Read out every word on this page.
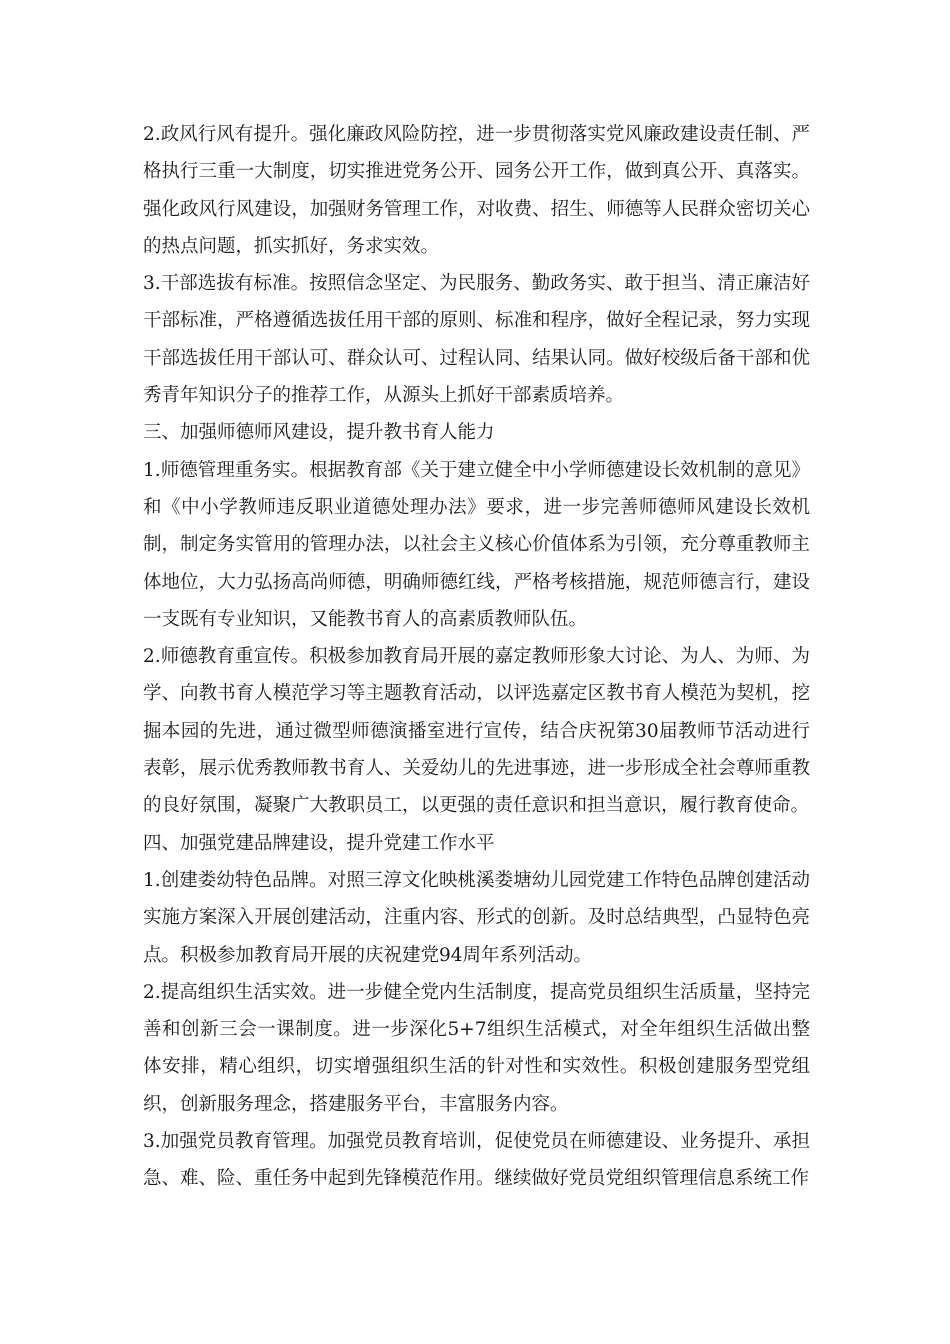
2.政风行风有提升。强化廉政风险防控，进一步贯彻落实党风廉政建设责任制、严格执行三重一大制度，切实推进党务公开、园务公开工作，做到真公开、真落实。强化政风行风建设，加强财务管理工作，对收费、招生、师德等人民群众密切关心的热点问题，抓实抓好，务求实效。

3.干部选拔有标准。按照信念坚定、为民服务、勤政务实、敢于担当、清正廉洁好干部标准，严格遵循选拔任用干部的原则、标准和程序，做好全程记录，努力实现干部选拔任用干部认可、群众认可、过程认同、结果认同。做好校级后备干部和优秀青年知识分子的推荐工作，从源头上抓好干部素质培养。

三、加强师德师风建设，提升教书育人能力

1.师德管理重务实。根据教育部《关于建立健全中小学师德建设长效机制的意见》和《中小学教师违反职业道德处理办法》要求，进一步完善师德师风建设长效机制，制定务实管用的管理办法，以社会主义核心价值体系为引领，充分尊重教师主体地位，大力弘扬高尚师德，明确师德红线，严格考核措施，规范师德言行，建设一支既有专业知识，又能教书育人的高素质教师队伍。

2.师德教育重宣传。积极参加教育局开展的嘉定教师形象大讨论、为人、为师、为学、向教书育人模范学习等主题教育活动，以评选嘉定区教书育人模范为契机，挖掘本园的先进，通过微型师德演播室进行宣传，结合庆祝第30届教师节活动进行表彰，展示优秀教师教书育人、关爱幼儿的先进事迹，进一步形成全社会尊师重教的良好氛围，凝聚广大教职员工，以更强的责任意识和担当意识，履行教育使命。

四、加强党建品牌建设，提升党建工作水平

1.创建娄幼特色品牌。对照三淳文化映桃溪娄塘幼儿园党建工作特色品牌创建活动实施方案深入开展创建活动，注重内容、形式的创新。及时总结典型，凸显特色亮点。积极参加教育局开展的庆祝建党94周年系列活动。

2.提高组织生活实效。进一步健全党内生活制度，提高党员组织生活质量，坚持完善和创新三会一课制度。进一步深化5+7组织生活模式，对全年组织生活做出整体安排，精心组织，切实增强组织生活的针对性和实效性。积极创建服务型党组织，创新服务理念，搭建服务平台，丰富服务内容。

3.加强党员教育管理。加强党员教育培训，促使党员在师德建设、业务提升、承担急、难、险、重任务中起到先锋模范作用。继续做好党员党组织管理信息系统工作
